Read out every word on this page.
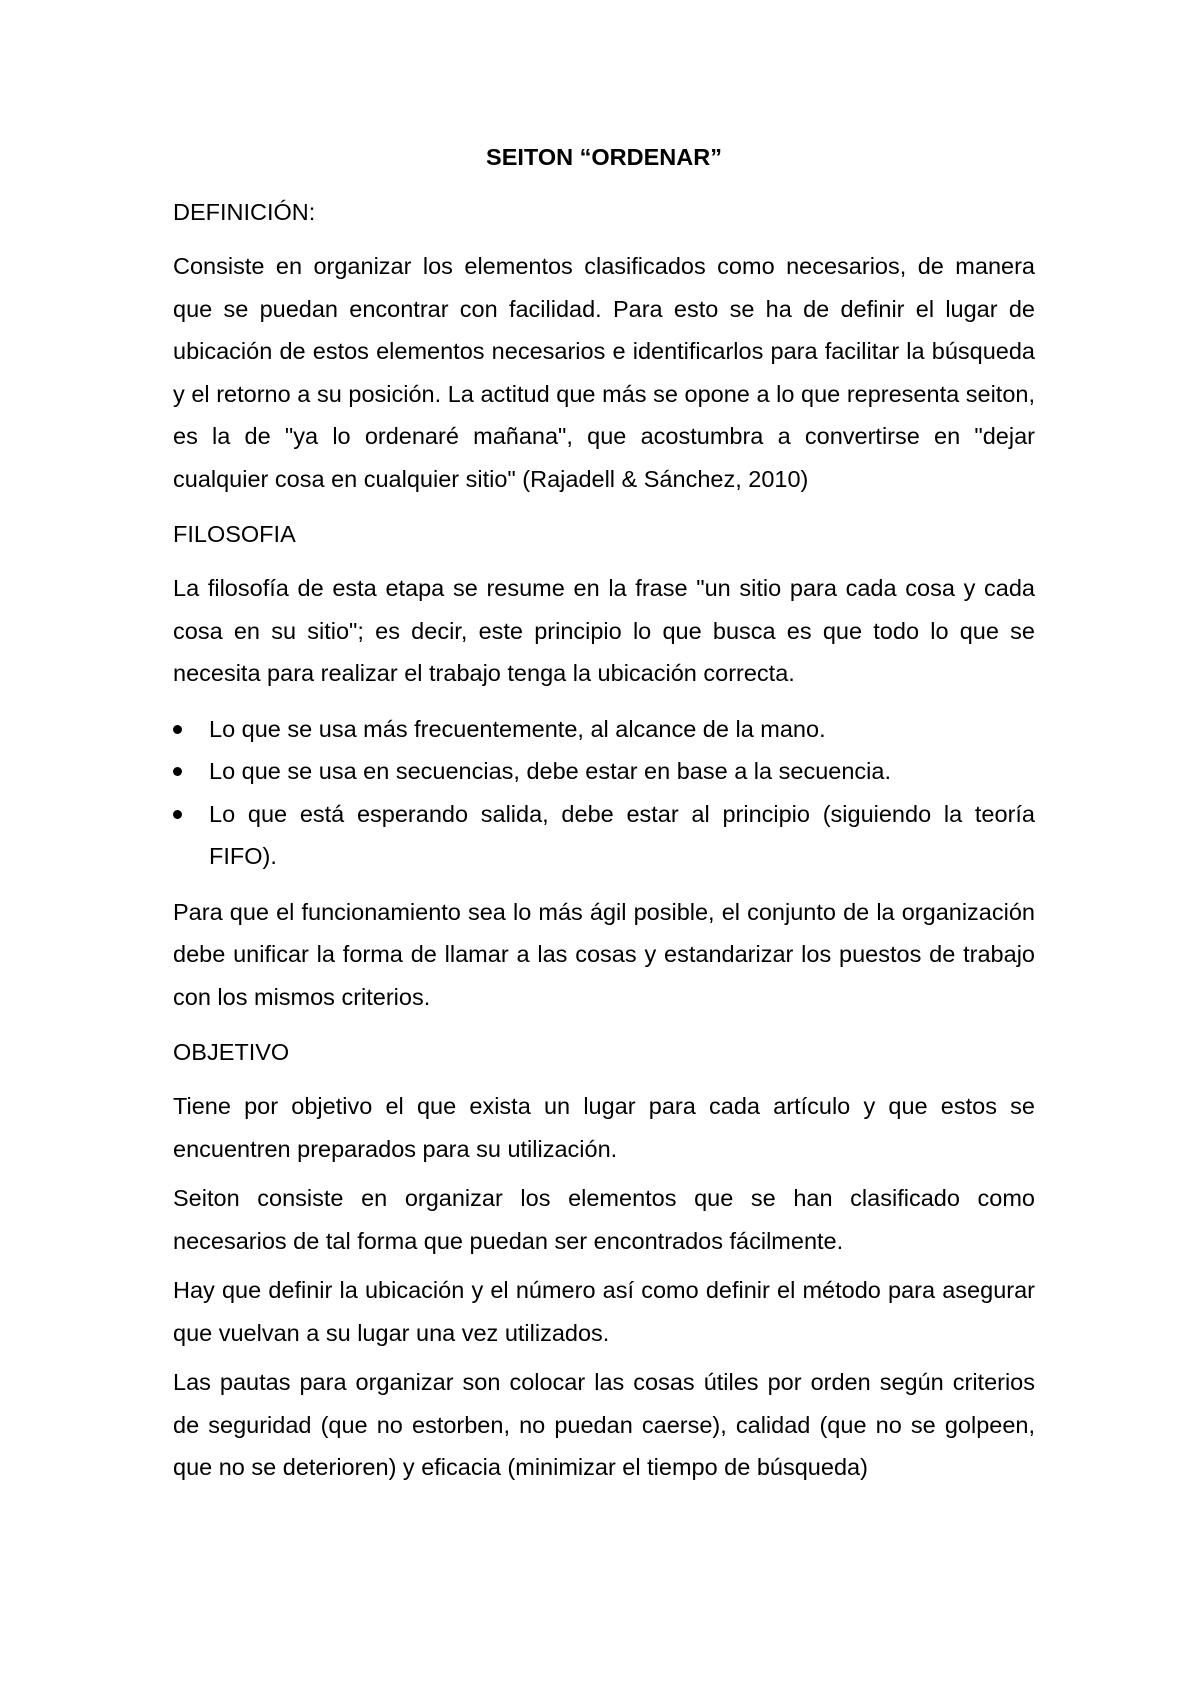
SEITON “ORDENAR”
DEFINICIÓN:

Consiste en organizar los elementos clasificados como necesarios, de manera que se puedan encontrar con facilidad. Para esto se ha de definir el lugar de ubicación de estos elementos necesarios e identificarlos para facilitar la búsqueda y el retorno a su posición. La actitud que más se opone a lo que representa seiton, es la de "ya lo ordenaré mañana", que acostumbra a convertirse en "dejar cualquier cosa en cualquier sitio" (Rajadell & Sánchez, 2010)

FILOSOFIA

La filosofía de esta etapa se resume en la frase "un sitio para cada cosa y cada cosa en su sitio"; es decir, este principio lo que busca es que todo lo que se necesita para realizar el trabajo tenga la ubicación correcta.

Lo que se usa más frecuentemente, al alcance de la mano.
Lo que se usa en secuencias, debe estar en base a la secuencia.
Lo que está esperando salida, debe estar al principio (siguiendo la teoría FIFO).

Para que el funcionamiento sea lo más ágil posible, el conjunto de la organización debe unificar la forma de llamar a las cosas y estandarizar los puestos de trabajo con los mismos criterios.

OBJETIVO

Tiene por objetivo el que exista un lugar para cada artículo y que estos se encuentren preparados para su utilización.

Seiton consiste en organizar los elementos que se han clasificado como necesarios de tal forma que puedan ser encontrados fácilmente.

Hay que definir la ubicación y el número así como definir el método para asegurar que vuelvan a su lugar una vez utilizados.

Las pautas para organizar son colocar las cosas útiles por orden según criterios de seguridad (que no estorben, no puedan caerse), calidad (que no se golpeen, que no se deterioren) y eficacia (minimizar el tiempo de búsqueda)
